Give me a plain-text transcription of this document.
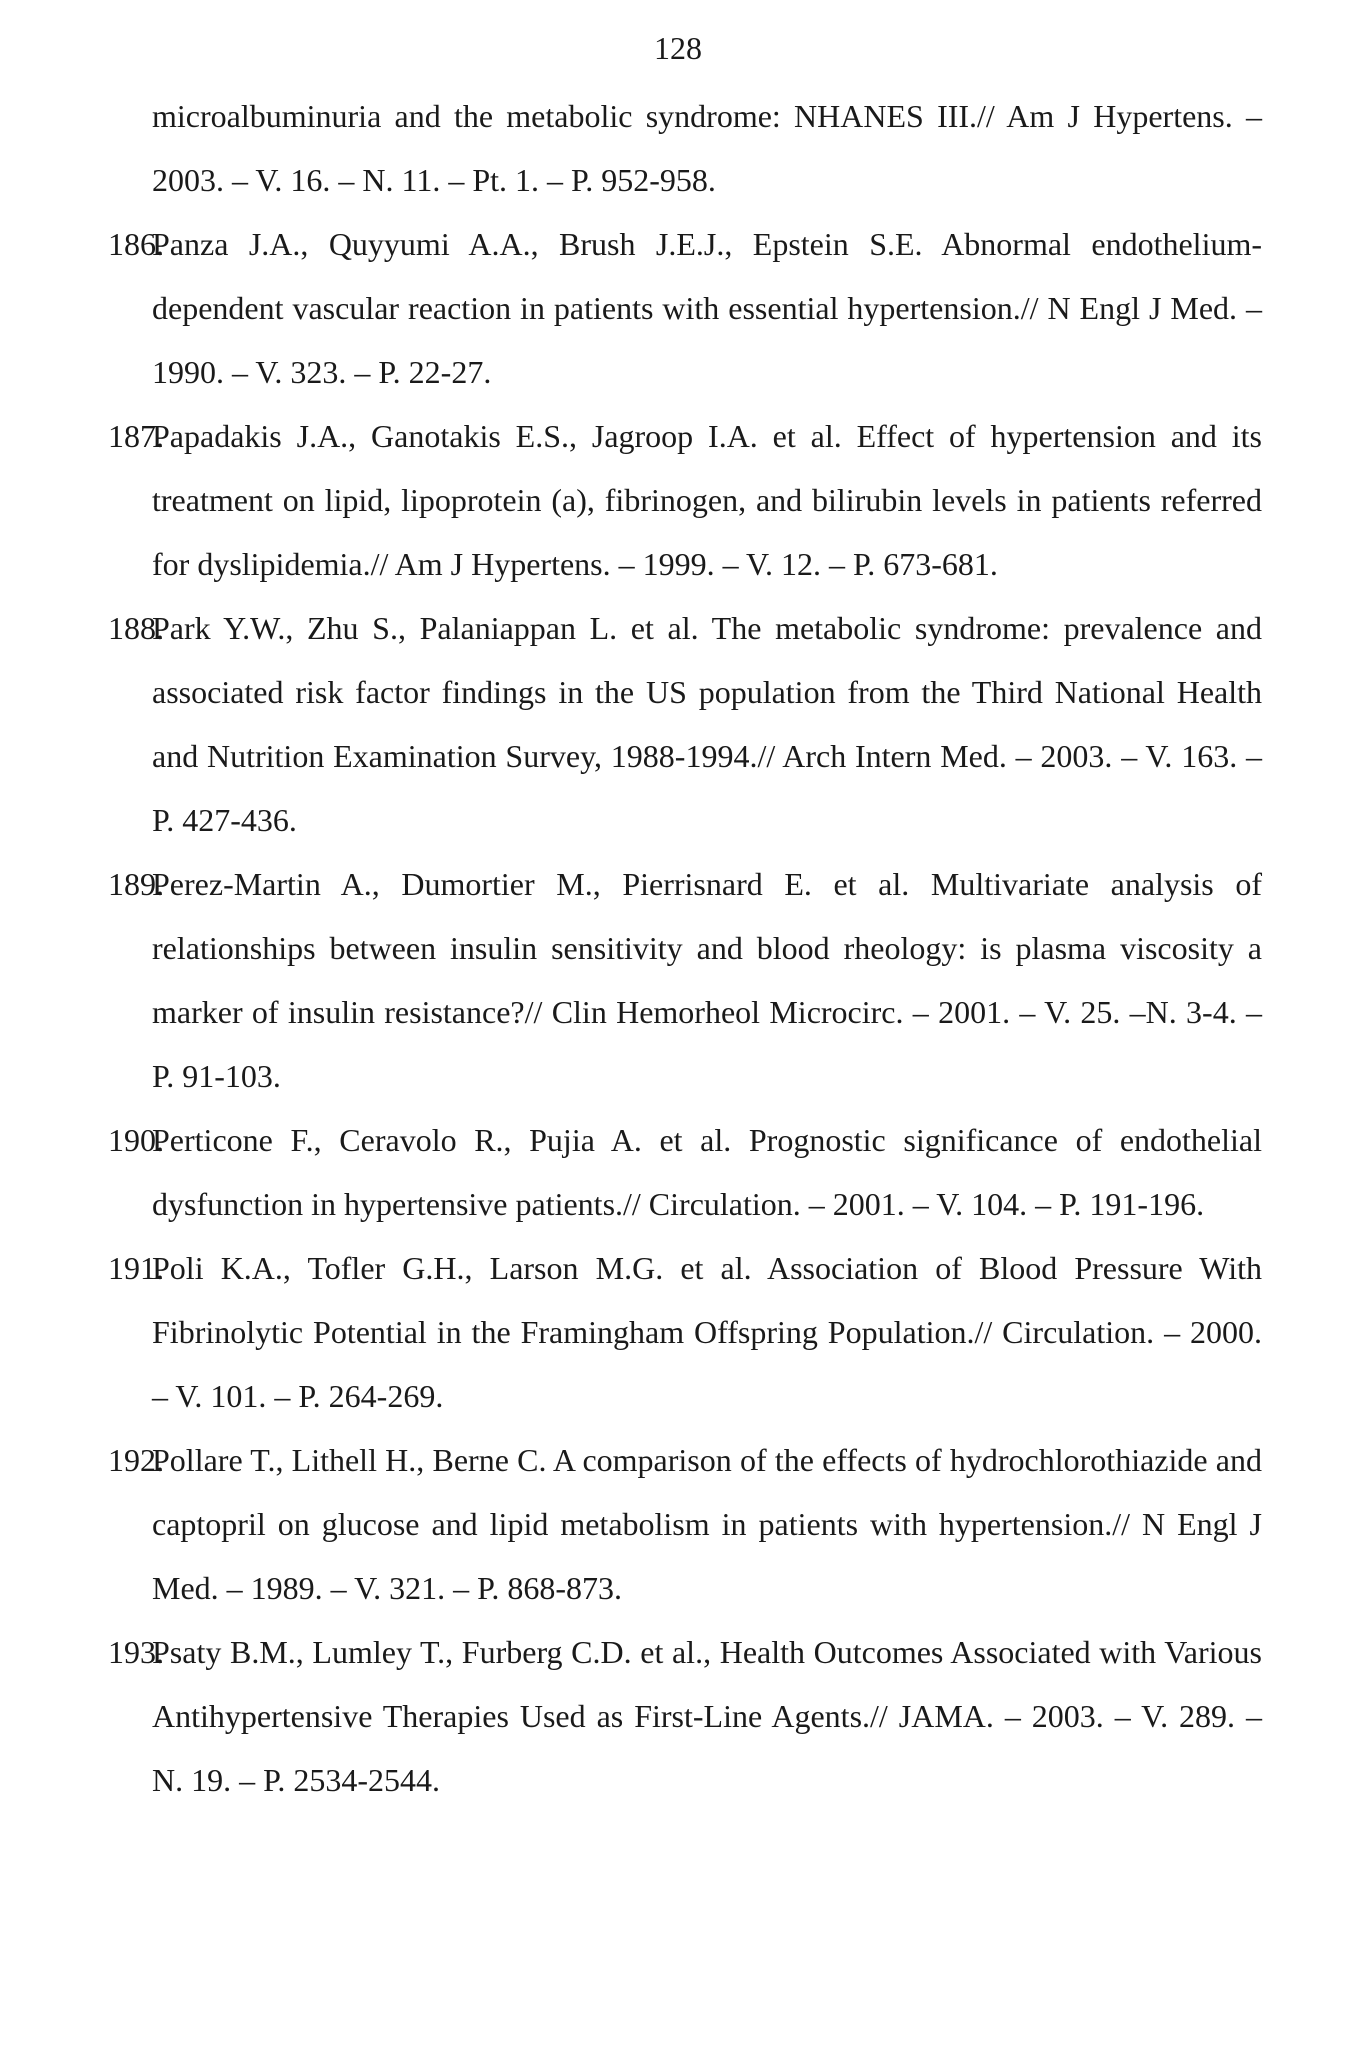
128

microalbuminuria and the metabolic syndrome: NHANES III.// Am J Hypertens. – 2003. – V. 16. – N. 11. – Pt. 1. – P. 952-958.

186.
Panza J.A., Quyyumi A.A., Brush J.E.J., Epstein S.E. Abnormal endothelium-dependent vascular reaction in patients with essential hypertension.// N Engl J Med. – 1990. – V. 323. – P. 22-27.

187.
Papadakis J.A., Ganotakis E.S., Jagroop I.A. et al. Effect of hypertension and its treatment on lipid, lipoprotein (a), fibrinogen, and bilirubin levels in patients referred for dyslipidemia.// Am J Hypertens. – 1999. – V. 12. – P. 673-681.

188.
Park Y.W., Zhu S., Palaniappan L. et al. The metabolic syndrome: prevalence and associated risk factor findings in the US population from the Third National Health and Nutrition Examination Survey, 1988-1994.// Arch Intern Med. – 2003. – V. 163. – P. 427-436.

189.
Perez-Martin A., Dumortier M., Pierrisnard E. et al. Multivariate analysis of relationships between insulin sensitivity and blood rheology: is plasma viscosity a marker of insulin resistance?// Clin Hemorheol Microcirc. – 2001. – V. 25. –N. 3-4. – P. 91-103.

190.
Perticone F., Ceravolo R., Pujia A. et al. Prognostic significance of endothelial dysfunction in hypertensive patients.// Circulation. – 2001. – V. 104. – P. 191-196.

191.
Poli K.A., Tofler G.H., Larson M.G. et al. Association of Blood Pressure With Fibrinolytic Potential in the Framingham Offspring Population.// Circulation. – 2000. – V. 101. – P. 264-269.

192.
Pollare T., Lithell H., Berne C. A comparison of the effects of hydrochlorothiazide and captopril on glucose and lipid metabolism in patients with hypertension.// N Engl J Med. – 1989. – V. 321. – P. 868-873.

193.
Psaty B.M., Lumley T., Furberg C.D. et al., Health Outcomes Associated with Various Antihypertensive Therapies Used as First-Line Agents.// JAMA. – 2003. – V. 289. – N. 19. – P. 2534-2544.
